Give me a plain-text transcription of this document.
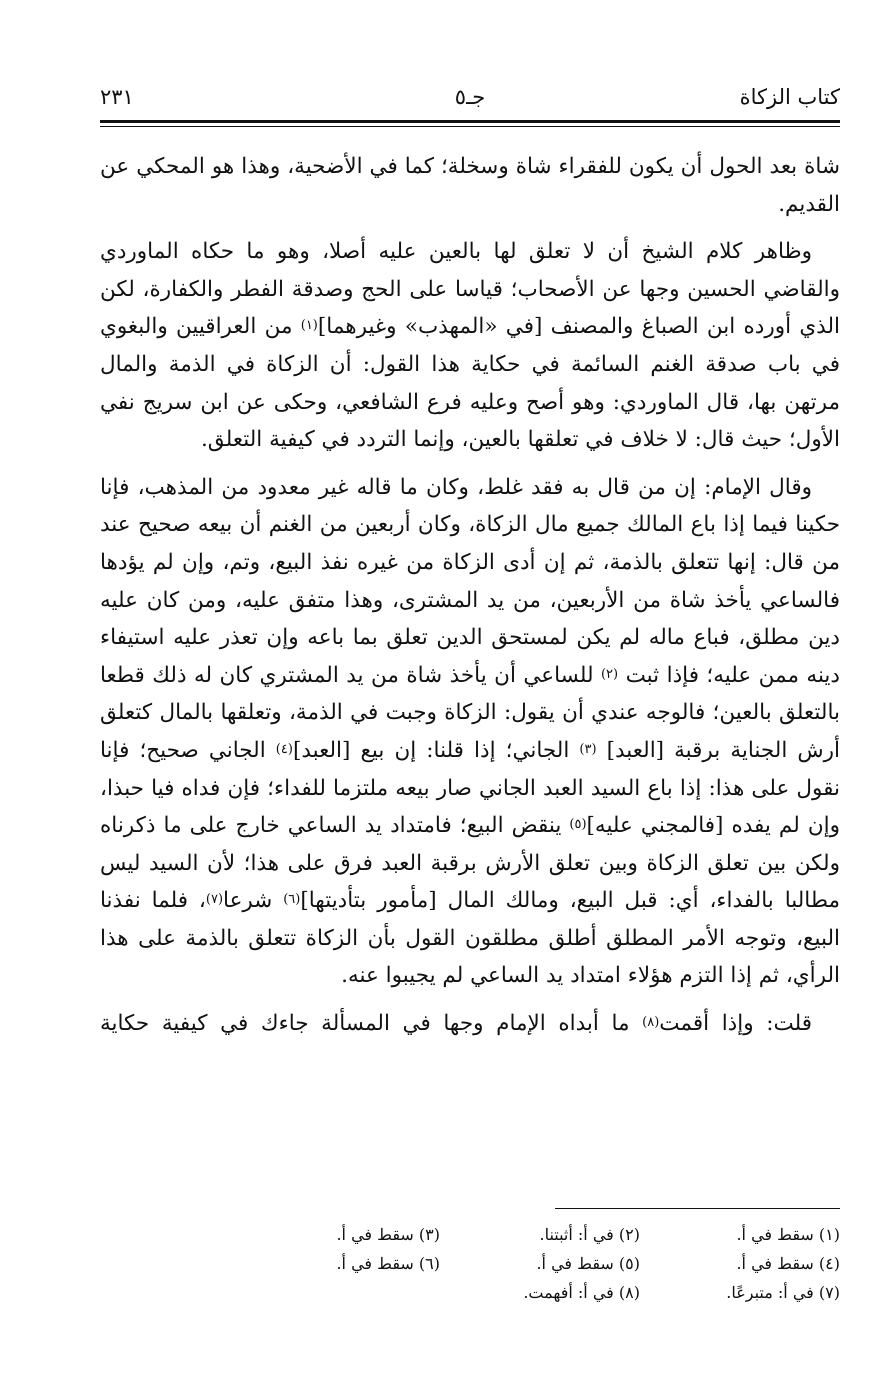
كتاب الزكاة
جـ٥
٢٣١

شاة بعد الحول أن يكون للفقراء شاة وسخلة؛ كما في الأضحية، وهذا هو المحكي عن القديم.

وظاهر كلام الشيخ أن لا تعلق لها بالعين عليه أصلا، وهو ما حكاه الماوردي والقاضي الحسين وجها عن الأصحاب؛ قياسا على الحج وصدقة الفطر والكفارة، لكن الذي أورده ابن الصباغ والمصنف [في «المهذب» وغيرهما]$^{(١)}$ من العراقيين والبغوي في باب صدقة الغنم السائمة في حكاية هذا القول: أن الزكاة في الذمة والمال مرتهن بها، قال الماوردي: وهو أصح وعليه فرع الشافعي، وحكى عن ابن سريج نفي الأول؛ حيث قال: لا خلاف في تعلقها بالعين، وإنما التردد في كيفية التعلق.

وقال الإمام: إن من قال به فقد غلط، وكان ما قاله غير معدود من المذهب، فإنا حكينا فيما إذا باع المالك جميع مال الزكاة، وكان أربعين من الغنم أن بيعه صحيح عند من قال: إنها تتعلق بالذمة، ثم إن أدى الزكاة من غيره نفذ البيع، وتم، وإن لم يؤدها فالساعي يأخذ شاة من الأربعين، من يد المشترى، وهذا متفق عليه، ومن كان عليه دين مطلق، فباع ماله لم يكن لمستحق الدين تعلق بما باعه وإن تعذر عليه استيفاء دينه ممن عليه؛ فإذا ثبت $^{(٢)}$ للساعي أن يأخذ شاة من يد المشتري كان له ذلك قطعا بالتعلق بالعين؛ فالوجه عندي أن يقول: الزكاة وجبت في الذمة، وتعلقها بالمال كتعلق أرش الجناية برقبة [العبد] $^{(٣)}$ الجاني؛ إذا قلنا: إن بيع [العبد]$^{(٤)}$ الجاني صحيح؛ فإنا نقول على هذا: إذا باع السيد العبد الجاني صار بيعه ملتزما للفداء؛ فإن فداه فيا حبذا، وإن لم يفده [فالمجني عليه]$^{(٥)}$ ينقض البيع؛ فامتداد يد الساعي خارج على ما ذكرناه ولكن بين تعلق الزكاة وبين تعلق الأرش برقبة العبد فرق على هذا؛ لأن السيد ليس مطالبا بالفداء، أي: قبل البيع، ومالك المال [مأمور بتأديتها]$^{(٦)}$ شرعا$^{(٧)}$، فلما نفذنا البيع، وتوجه الأمر المطلق أطلق مطلقون القول بأن الزكاة تتعلق بالذمة على هذا الرأي، ثم إذا التزم هؤلاء امتداد يد الساعي لم يجيبوا عنه.

قلت: وإذا أقمت$^{(٨)}$ ما أبداه الإمام وجها في المسألة جاءك في كيفية حكاية

(١) سقط في أ.
(٢) في أ: أثبتنا.
(٣) سقط في أ.
(٤) سقط في أ.
(٥) سقط في أ.
(٦) سقط في أ.
(٧) في أ: متبرعًا.
(٨) في أ: أفهمت.
